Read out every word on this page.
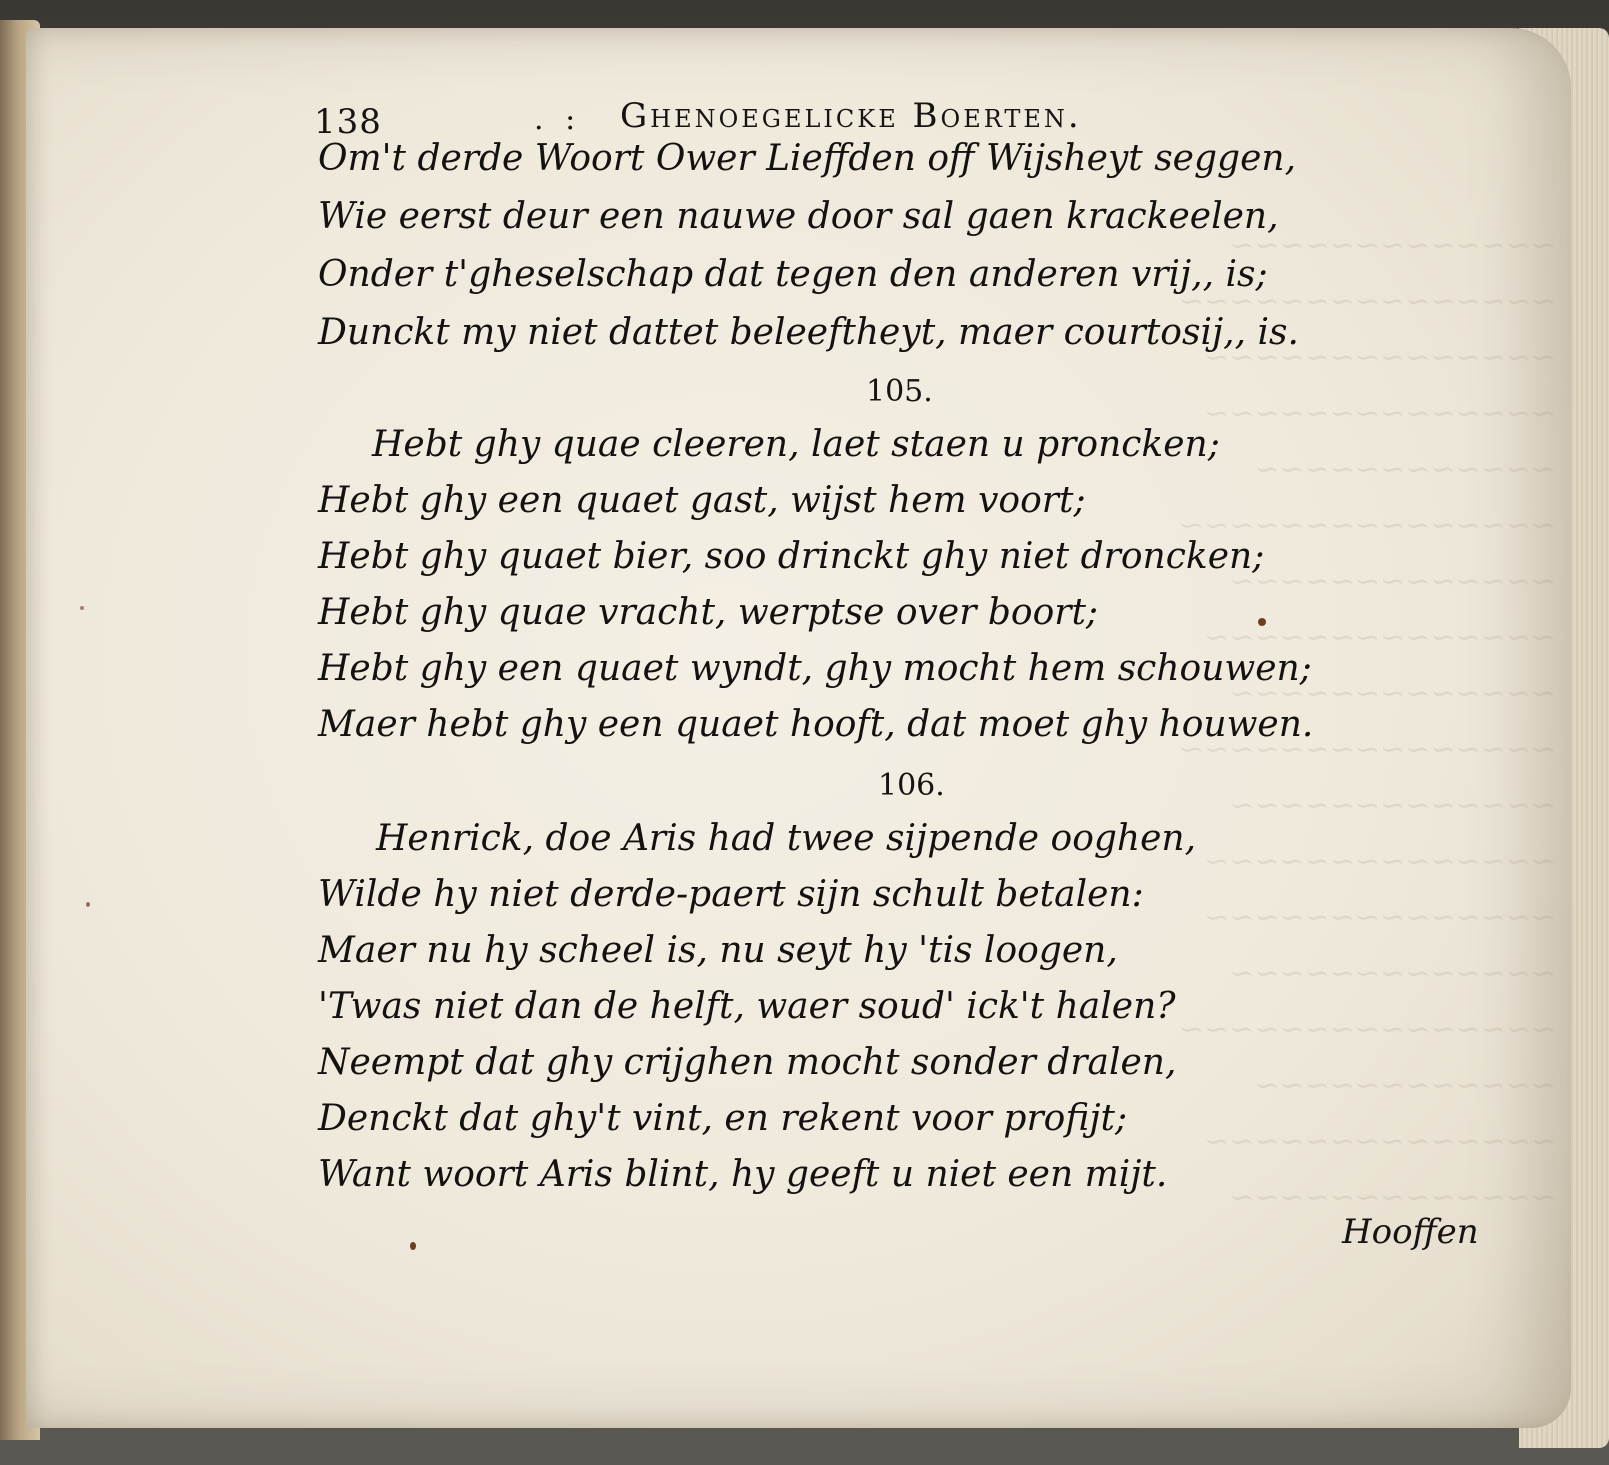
~~~~~~~~~~~~~
~~~~~~~~~~~~~~~
~~~~~~~~~~~~~~
~~~~~~~~~~~~~~
~~~~~~~~~~~~
~~~~~~~~~~~~~~~
~~~~~~~~~~~~~
~~~~~~~~~~~~~~
~~~~~~~~~~~~~
~~~~~~~~~~~~~~~
~~~~~~~~~~~~~
~~~~~~~~~~~~~~
~~~~~~~~~~~~~~
~~~~~~~~~~~~~
~~~~~~~~~~~~~~~
~~~~~~~~~~~~
~~~~~~~~~~~~~~
~~~~~~~~~~~~~
138	. : Ghenoegelicke Boerten.
Om't derde Woort Ower Lieffden off Wijsheyt seggen,
Wie eerst deur een nauwe door sal gaen krackeelen,
Onder t'gheselschap dat tegen den anderen vrij,, is;
Dunckt my niet dattet beleeftheyt, maer courtosij,, is.
105.
Hebt ghy quae cleeren, laet staen u proncken;
Hebt ghy een quaet gast, wijst hem voort;
Hebt ghy quaet bier, soo drinckt ghy niet droncken;
Hebt ghy quae vracht, werptse over boort;
Hebt ghy een quaet wyndt, ghy mocht hem schouwen;
Maer hebt ghy een quaet hooft, dat moet ghy houwen.
106.
Henrick, doe Aris had twee sijpende ooghen,
Wilde hy niet derde-paert sijn schult betalen:
Maer nu hy scheel is, nu seyt hy 'tis loogen,
'Twas niet dan de helft, waer soud' ick't halen?
Neempt dat ghy crijghen mocht sonder dralen,
Denckt dat ghy't vint, en rekent voor profijt;
Want woort Aris blint, hy geeft u niet een mijt.
Hooffen
